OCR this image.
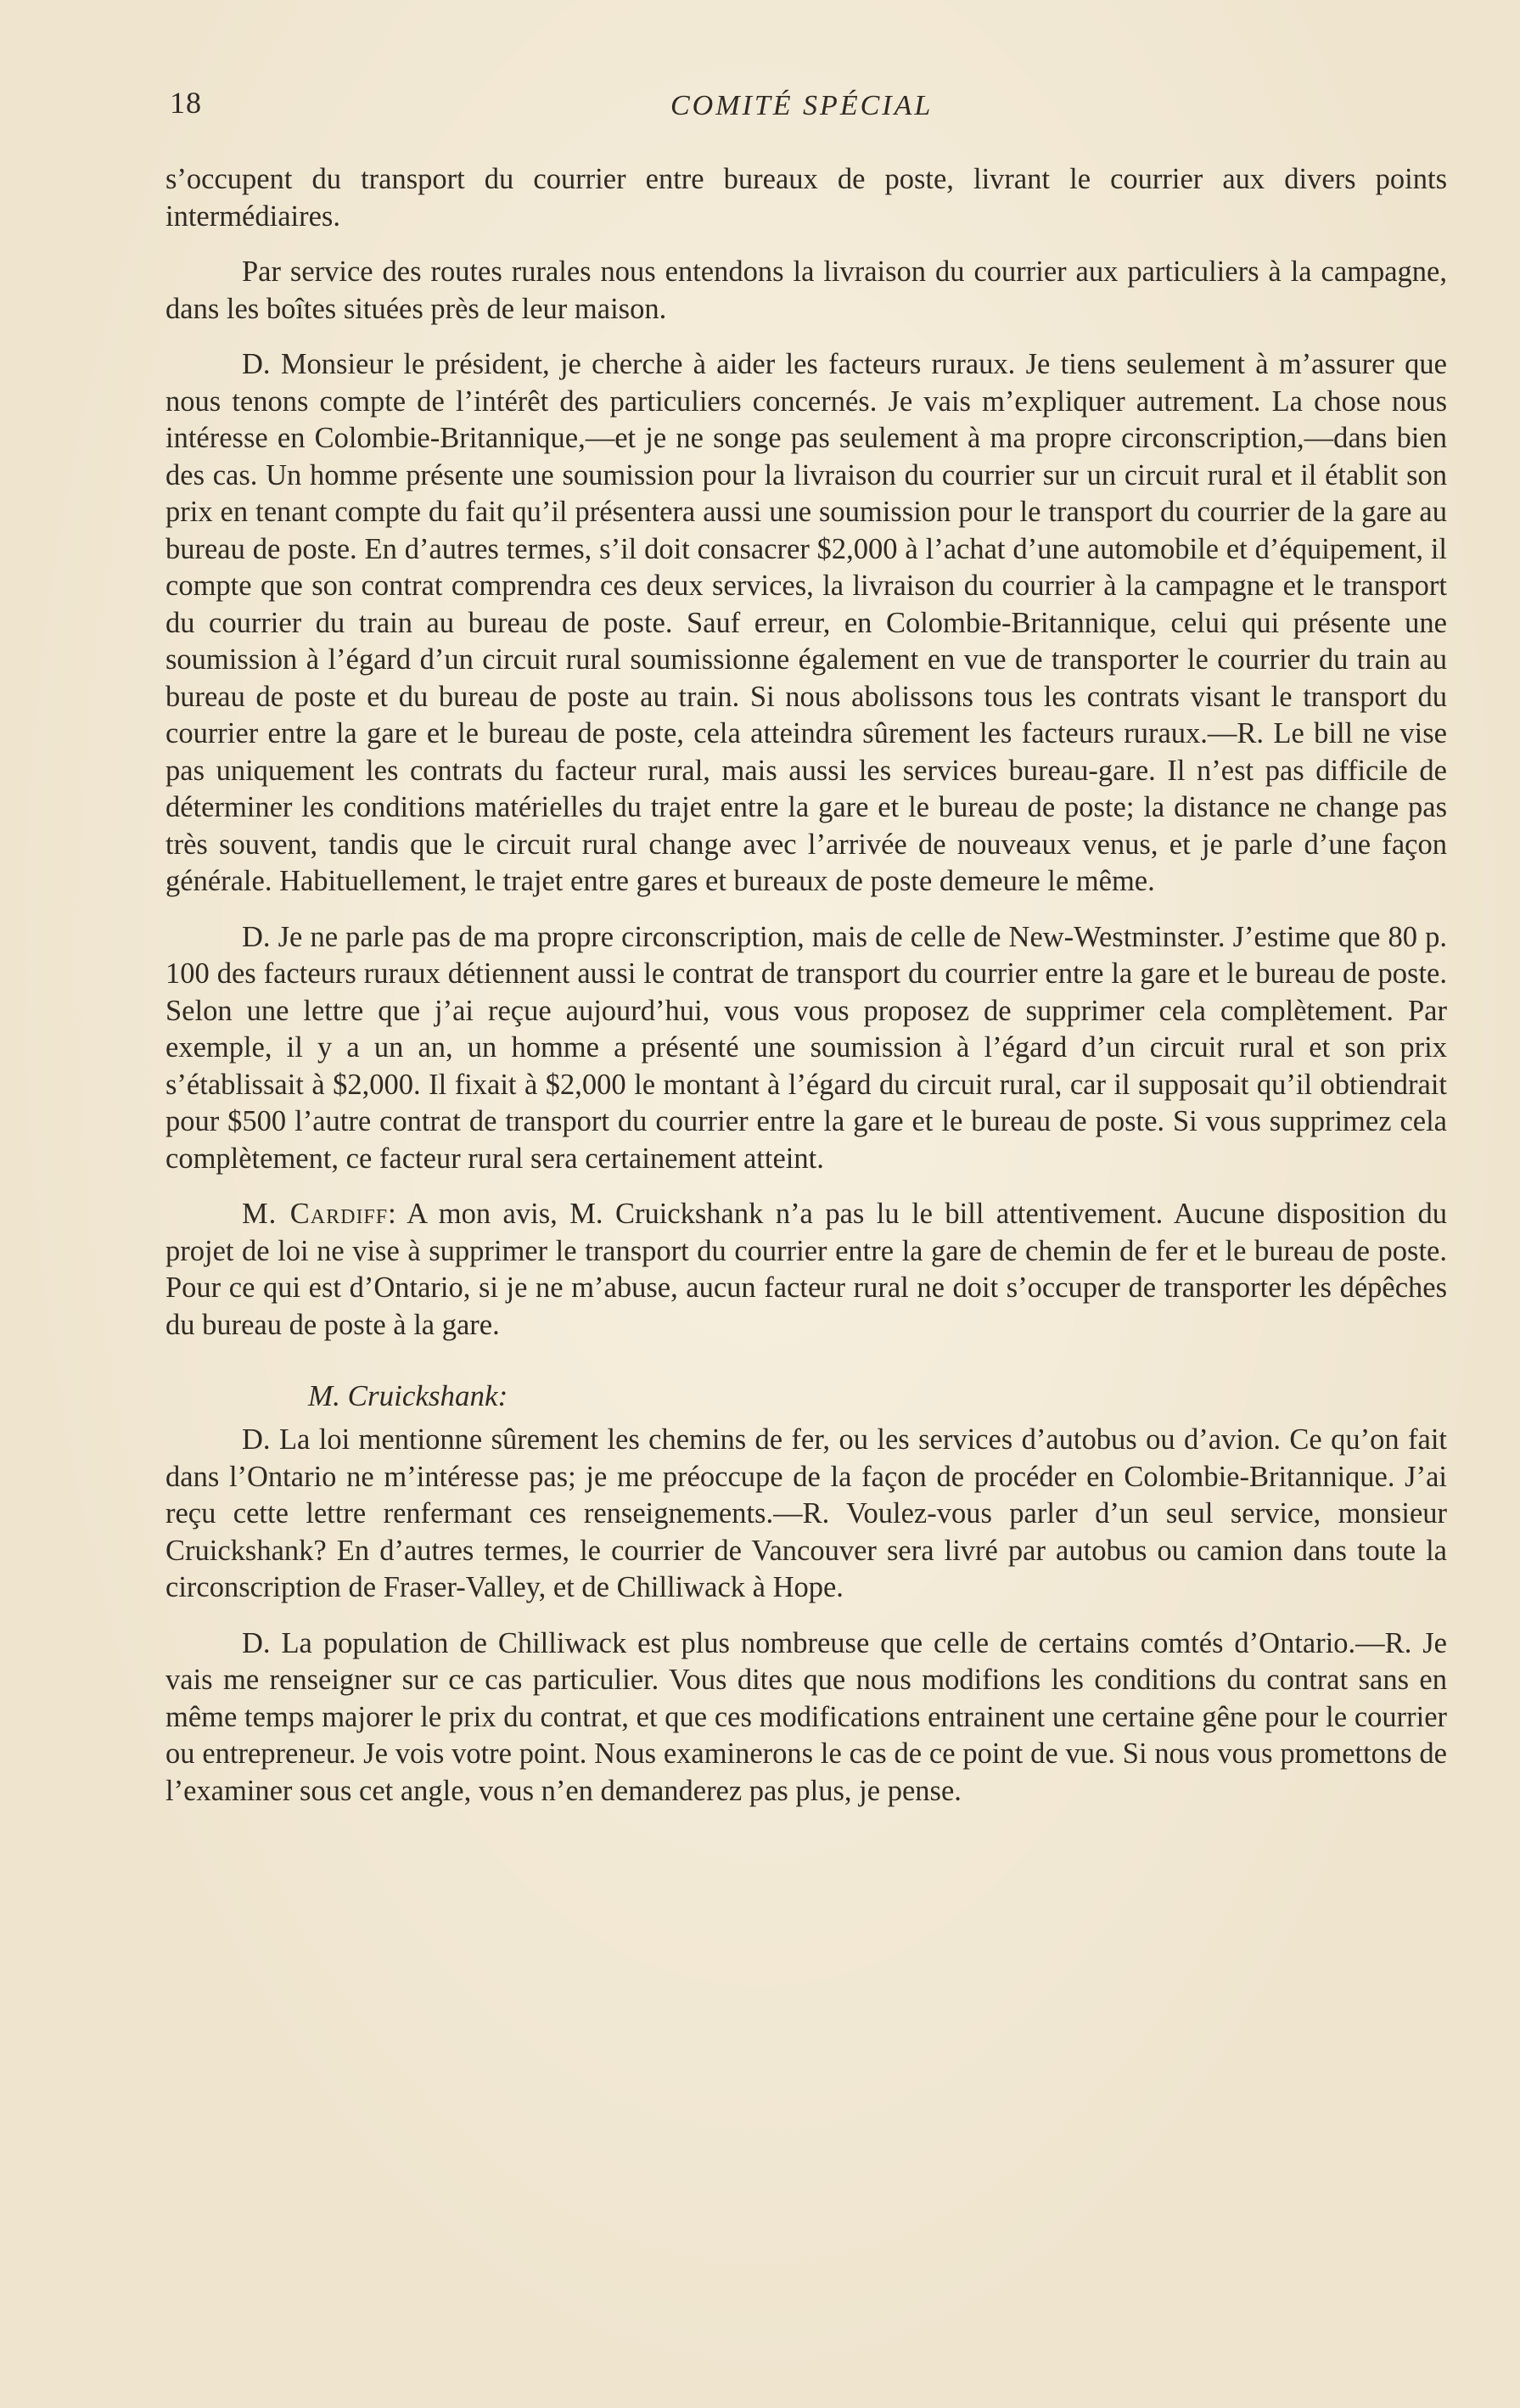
18	COMITÉ SPÉCIAL

s’occupent du transport du courrier entre bureaux de poste, livrant le courrier aux divers points intermédiaires.

Par service des routes rurales nous entendons la livraison du courrier aux particuliers à la campagne, dans les boîtes situées près de leur maison.

D. Monsieur le président, je cherche à aider les facteurs ruraux. Je tiens seulement à m’assurer que nous tenons compte de l’intérêt des particuliers concernés. Je vais m’expliquer autrement. La chose nous intéresse en Colombie-Britannique,—et je ne songe pas seulement à ma propre circonscription,—dans bien des cas. Un homme présente une soumission pour la livraison du courrier sur un circuit rural et il établit son prix en tenant compte du fait qu’il présentera aussi une soumission pour le transport du courrier de la gare au bureau de poste. En d’autres termes, s’il doit consacrer $2,000 à l’achat d’une automobile et d’équipement, il compte que son contrat comprendra ces deux services, la livraison du courrier à la campagne et le transport du courrier du train au bureau de poste. Sauf erreur, en Colombie-Britannique, celui qui présente une soumission à l’égard d’un circuit rural soumissionne également en vue de transporter le courrier du train au bureau de poste et du bureau de poste au train. Si nous abolissons tous les contrats visant le transport du courrier entre la gare et le bureau de poste, cela atteindra sûrement les facteurs ruraux.—R. Le bill ne vise pas uniquement les contrats du facteur rural, mais aussi les services bureau-gare. Il n’est pas difficile de déterminer les conditions matérielles du trajet entre la gare et le bureau de poste; la distance ne change pas très souvent, tandis que le circuit rural change avec l’arrivée de nouveaux venus, et je parle d’une façon générale. Habituellement, le trajet entre gares et bureaux de poste demeure le même.

D. Je ne parle pas de ma propre circonscription, mais de celle de New-Westminster. J’estime que 80 p. 100 des facteurs ruraux détiennent aussi le contrat de transport du courrier entre la gare et le bureau de poste. Selon une lettre que j’ai reçue aujourd’hui, vous vous proposez de supprimer cela complètement. Par exemple, il y a un an, un homme a présenté une soumission à l’égard d’un circuit rural et son prix s’établissait à $2,000. Il fixait à $2,000 le montant à l’égard du circuit rural, car il supposait qu’il obtiendrait pour $500 l’autre contrat de transport du courrier entre la gare et le bureau de poste. Si vous supprimez cela complètement, ce facteur rural sera certainement atteint.

M. Cardiff: A mon avis, M. Cruickshank n’a pas lu le bill attentivement. Aucune disposition du projet de loi ne vise à supprimer le transport du courrier entre la gare de chemin de fer et le bureau de poste. Pour ce qui est d’Ontario, si je ne m’abuse, aucun facteur rural ne doit s’occuper de transporter les dépêches du bureau de poste à la gare.

M. Cruickshank:

D. La loi mentionne sûrement les chemins de fer, ou les services d’autobus ou d’avion. Ce qu’on fait dans l’Ontario ne m’intéresse pas; je me préoccupe de la façon de procéder en Colombie-Britannique. J’ai reçu cette lettre renfermant ces renseignements.—R. Voulez-vous parler d’un seul service, monsieur Cruickshank? En d’autres termes, le courrier de Vancouver sera livré par autobus ou camion dans toute la circonscription de Fraser-Valley, et de Chilliwack à Hope.

D. La population de Chilliwack est plus nombreuse que celle de certains comtés d’Ontario.—R. Je vais me renseigner sur ce cas particulier. Vous dites que nous modifions les conditions du contrat sans en même temps majorer le prix du contrat, et que ces modifications entrainent une certaine gêne pour le courrier ou entrepreneur. Je vois votre point. Nous examinerons le cas de ce point de vue. Si nous vous promettons de l’examiner sous cet angle, vous n’en demanderez pas plus, je pense.
